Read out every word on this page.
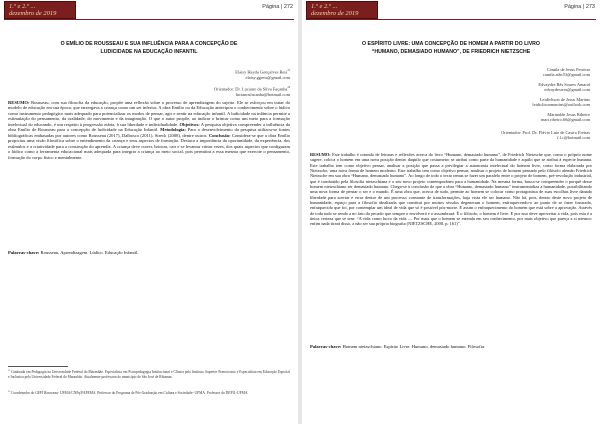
1.º e 2.º ...
dezembro de 2019
Página | 272
O EMÍLIO DE ROUSSEAU E SUA INFLUÊNCIA PARA A CONCEPÇÃO DE
LUDICIDADE NA EDUCAÇÃO INFANTIL
Elaisy Hayda Gonçalves Reis$^{25}$
elaisy.ggreis@gmail.com
Orientador: Dr. Luciano da Silva Façanha$^{26}$
lucianosfacanha@hotmail.com
RESUMO: Rousseau, com sua filosofia da educação, propõe uma reflexão sobre o processo de aprendizagem do sujeito. Ele se esforçou em tratar do modelo de educação em sua época, que enxergava a criança como um ser inferior. A obra Emílio ou da Educação antecipou o conhecimento sobre o lúdico como instrumento pedagógico mais adequado para potencializar os modos de pensar, agir e sentir na educação infantil. A ludicidade na infância permite a estimulação do pensamento, da oralidade, do movimento e da imaginação. O que o autor propõe, ao indicar o brincar como um meio para a formação intelectual do educando, é um respeito à progressão etária, à sua liberdade e individualidade. Objetivos: A pesquisa objetiva compreender a influência da obra Emílio de Rousseau para a concepção de ludicidade na Educação Infantil. Metodologia: Para o desenvolvimento da pesquisa utilizou-se fontes bibliográficas embasadas por autores como Rousseau (2017), Dalbosco (2011), Streck (2008), dentre outros. Conclusão: Considera-se que a obra Emílio propiciou uma visão filosófica sobre o entendimento da criança e seus aspectos de formação. Destaca a importância da oportunidade, da experiência, dos estímulos e a criatividade para a construção do aprendiz. A criança deve correr, brincar, cair e se levantar várias vezes, dos quais aspectos que configuram o lúdico como a ferramenta educacional mais adequada para integrar a criança ao meio social, pois permitirá a essa mesma que exercite o pensamento, formação do corpo físico e mentalmente.
Palavras-chave: Rousseau. Aprendizagem. Lúdico. Educação Infantil.
$^{25}$ Graduada em Pedagogia na Universidade Federal do Maranhão. Especialista em Psicopedagogia Institucional e Clínica pelo Instituto Superior Franciscano e Especialista em Educação Especial e Inclusiva pela Universidade Federal do Maranhão. Atualmente professora do município de São José de Ribamar.
$^{26}$ Coordenador do GEPI Rousseau- UFMA/CNPq/FAPEMA. Professor do Programa de Pós-Graduação em Cultura e Sociedade- UFMA. Professor do DEFIL-UFMA.
1.º e 2.º ...
dezembro de 2019
Página | 273
O ESPÍRITO LIVRE: UMA CONCEPÇÃO DE HOMEM A PARTIR DO LIVRO
“HUMANO, DEMASIADO HUMANO”, DE FRIEDRICH NIETZSCHE
Camila de Jesus Ferreira
camila.atbc53@gmail.com
Edvaydes Rês Soares Amaral
edvaydesrres@gmail.com
Leidiclison de Jesus Martins
leidiclisonmartins@outlook.com
Marinalde Jesus Ribeiro
mari.ribeiro.66@gmail.com
Orientador: Prof. Dr. Flávio Luiz de Castro Freitas
f.l.c@hotmail.com
RESUMO: Este trabalho é oriundo de leituras e reflexões acerca do livro “Humano, demasiado humano”, de Friedrich Nietzsche que, como o próprio nome sugere, coloca o homem em uma nova posição dentro daquilo que costumeiro se atribui como parte da humanidade e aquilo que se atribui à espécie humana. Este trabalho tem como objetivo pensar, analisar a posição que passa a privilegiar a autonomia intelectual do homem livre, como forma elaborada por Nietzsche, uma nova forma de homem moderno. Este trabalho tem como objetivo pensar, analisar o projeto de homem pensado pelo filósofo alemão Friedrich Nietzsche em sua obra “Humano, demasiado humano”. Ao longo de todo o texto temas se fazer um paralelo entre o projeto de homem, pré-revolução industrial, que é combatido pela filosofia nietzschiana e o seu novo projeto contemporâneo para a humanidade. Na mesma forma, busca-se compreender o porquê desse homem nietzschiano ser demasiado humano. Chega-se à conclusão de que a obra “Humano, demasiado humano” instrumentaliza a humanidade, possibilitando uma nova forma de pensar o ser e o mundo. É uma obra que, acerca de tudo, permite ao homem se colocar como protagonista de suas escolhas livre danado liberdade para acertar e errar dentro de um processo constante de transformações, haja vista ele ser humano. Não há, pois, dentro deste novo projeto de humanidade, espaço para a filosofia idealizada que constitui por muitos séculos degeneram o homem, enfraquecendo-o ao ponto de se fazer frustrado, enfraquecido que foi, por contemplar um ideal de vida que só é possível pós-morte. E assim o enfraquecimento do homem que está sobre a aprovação. Através de toda tudo se sendo a no fato do pecado que sempre o envolverá e o assombrará. É o filósofo, o homem é livre. E por isso deve aproveitar a vida, pois esta é a única certeza que se tem: “A vida como lucro da vida — Por mais que o homem se estenda em seu conhecimento, por mais objetivo que pareça a si mesmo: enfim nada tirará disso, a não ser sua própria biografia (NIETZSCHE, 2000, p. 161)”.
Palavras-chave: Homem nietzschiano. Espírito Livre. Humano, demasiado humano. Filosofia.
